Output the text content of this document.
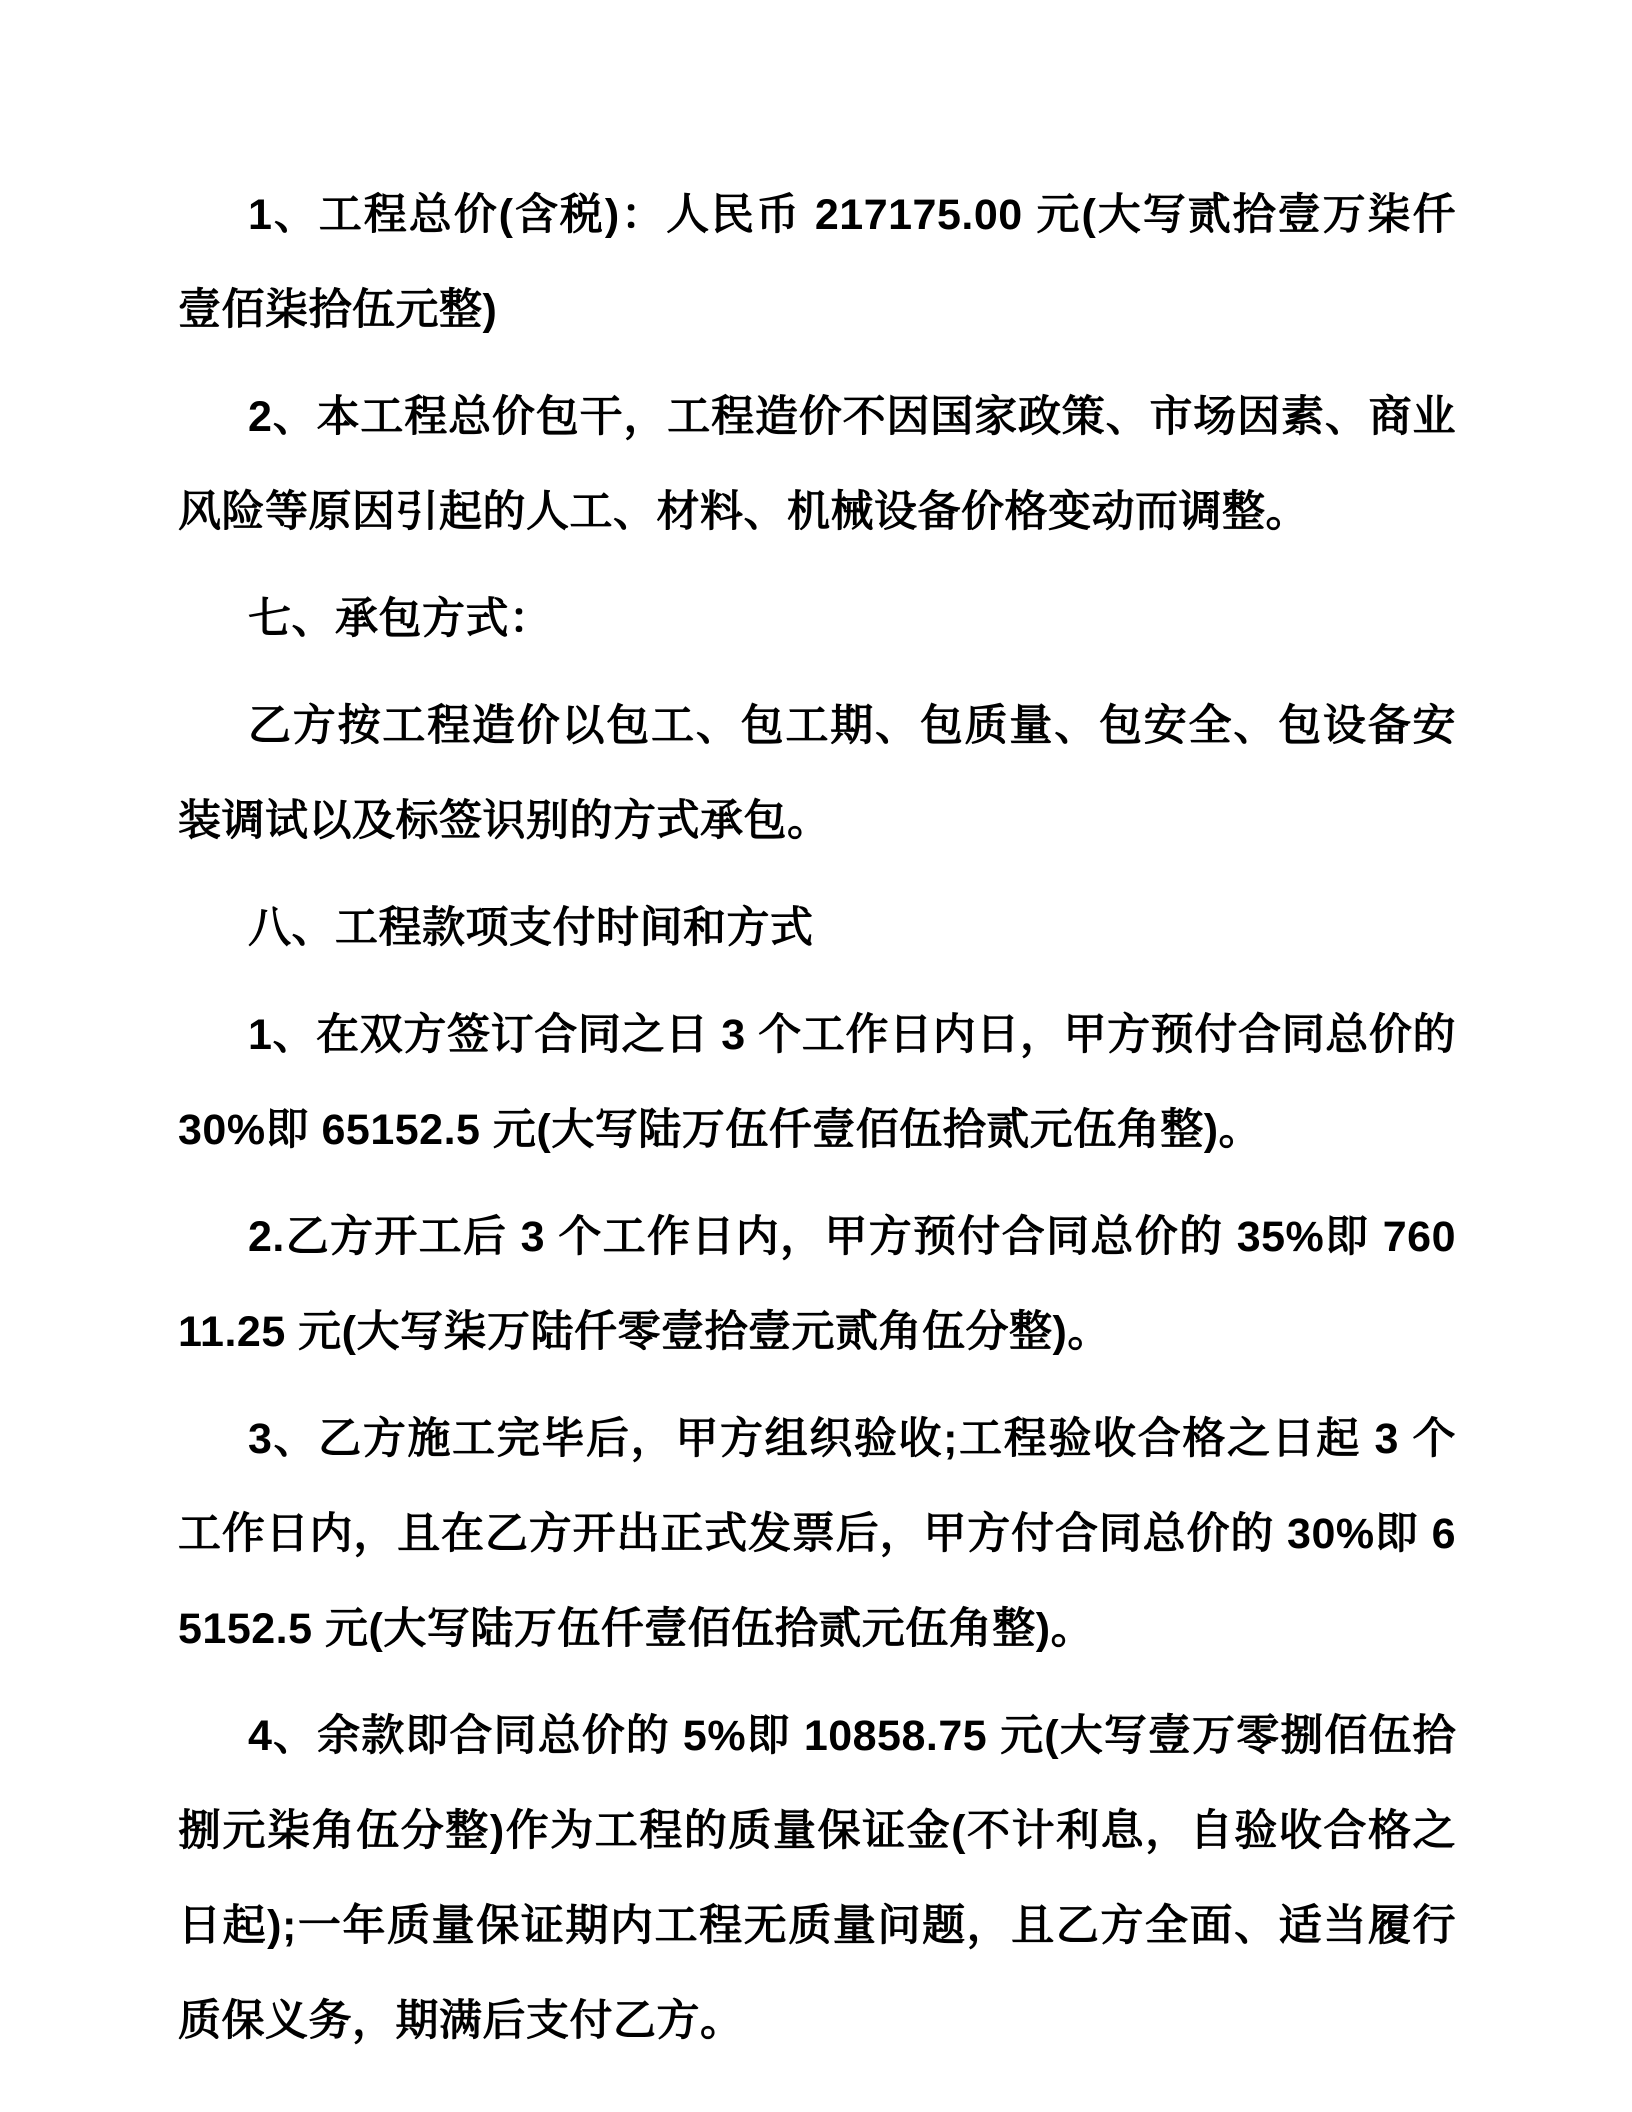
1、工程总价(含税)：人民币 217175.00 元(大写贰拾壹万柒仟壹佰柒拾伍元整)

2、本工程总价包干，工程造价不因国家政策、市场因素、商业风险等原因引起的人工、材料、机械设备价格变动而调整。

七、承包方式：

乙方按工程造价以包工、包工期、包质量、包安全、包设备安装调试以及标签识别的方式承包。

八、工程款项支付时间和方式

1、在双方签订合同之日 3 个工作日内日，甲方预付合同总价的 30%即 65152.5 元(大写陆万伍仟壹佰伍拾贰元伍角整)。

2.乙方开工后 3 个工作日内，甲方预付合同总价的 35%即 76011.25 元(大写柒万陆仟零壹拾壹元贰角伍分整)。

3、乙方施工完毕后，甲方组织验收;工程验收合格之日起 3 个工作日内，且在乙方开出正式发票后，甲方付合同总价的 30%即 65152.5 元(大写陆万伍仟壹佰伍拾贰元伍角整)。

4、余款即合同总价的 5%即 10858.75 元(大写壹万零捌佰伍拾捌元柒角伍分整)作为工程的质量保证金(不计利息，自验收合格之日起);一年质量保证期内工程无质量问题，且乙方全面、适当履行质保义务，期满后支付乙方。
